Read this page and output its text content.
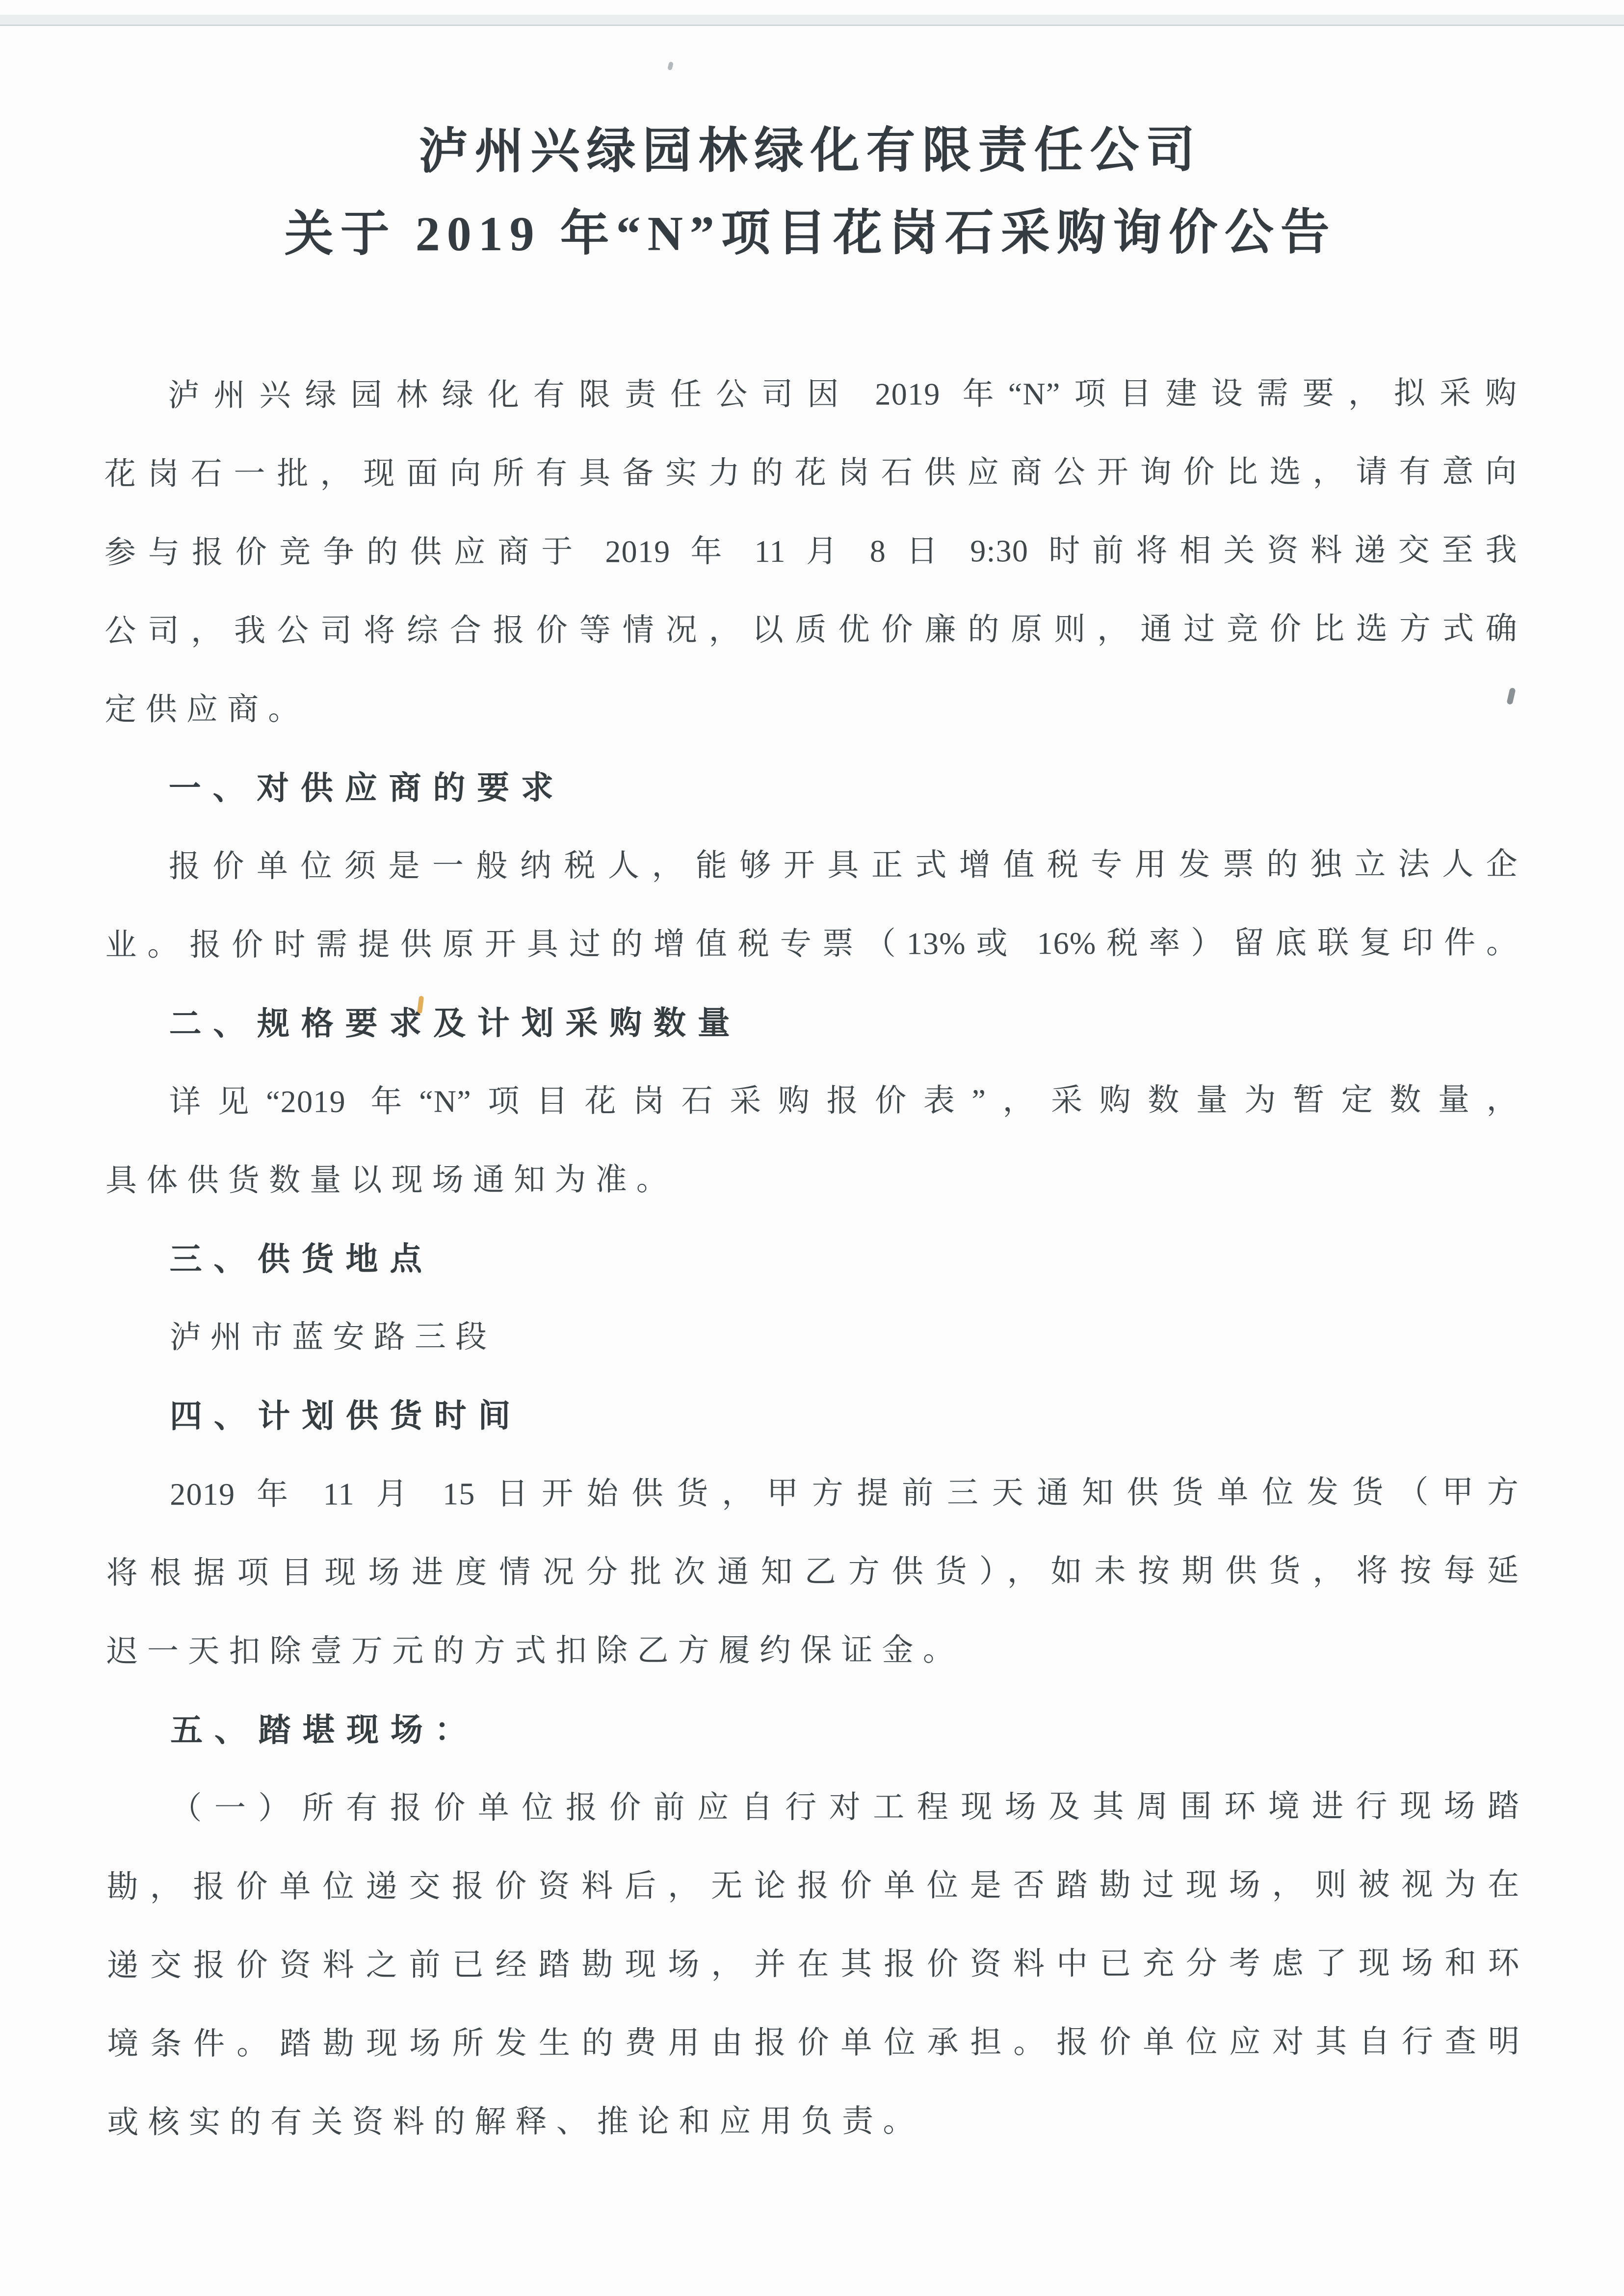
泸州兴绿园林绿化有限责任公司
关于 2019 年“N”项目花岗石采购询价公告
泸州兴绿园林绿化有限责任公司因 2019 年“N”项目建设需要，拟采购
花岗石一批，现面向所有具备实力的花岗石供应商公开询价比选，请有意向
参与报价竞争的供应商于 2019 年 11 月 8 日 9:30 时前将相关资料递交至我
公司，我公司将综合报价等情况，以质优价廉的原则，通过竞价比选方式确
定供应商。
一、对供应商的要求
报价单位须是一般纳税人，能够开具正式增值税专用发票的独立法人企
业。报价时需提供原开具过的增值税专票（13%或 16%税率）留底联复印件。
二、规格要求及计划采购数量
详见“2019 年“N”项目花岗石采购报价表”，采购数量为暂定数量，
具体供货数量以现场通知为准。
三、供货地点
泸州市蓝安路三段
四、计划供货时间
2019 年 11 月 15 日开始供货，甲方提前三天通知供货单位发货（甲方
将根据项目现场进度情况分批次通知乙方供货），如未按期供货，将按每延
迟一天扣除壹万元的方式扣除乙方履约保证金。
五、踏堪现场：
（一）所有报价单位报价前应自行对工程现场及其周围环境进行现场踏
勘，报价单位递交报价资料后，无论报价单位是否踏勘过现场，则被视为在
递交报价资料之前已经踏勘现场，并在其报价资料中已充分考虑了现场和环
境条件。踏勘现场所发生的费用由报价单位承担。报价单位应对其自行查明
或核实的有关资料的解释、推论和应用负责。
